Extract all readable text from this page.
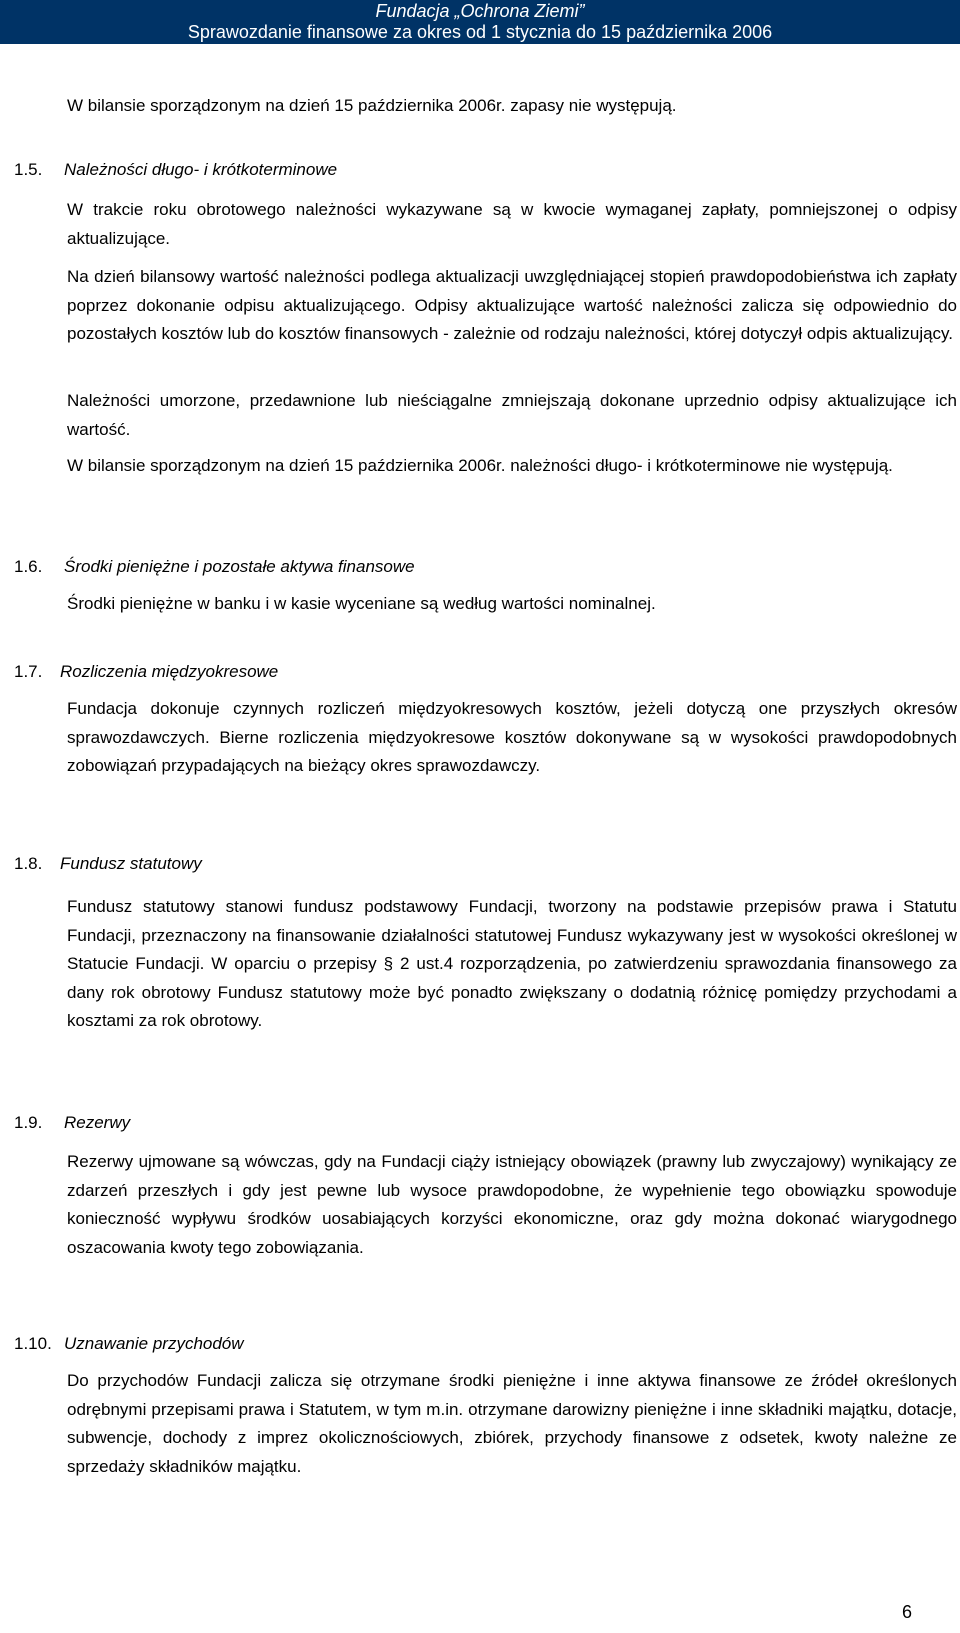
Fundacja „Ochrona Ziemi”
Sprawozdanie finansowe za okres od 1 stycznia do 15 października 2006
W bilansie sporządzonym na dzień 15 października 2006r. zapasy nie występują.
1.5. Należności długo- i krótkoterminowe

W trakcie roku obrotowego należności wykazywane są w kwocie wymaganej zapłaty, pomniejszonej o odpisy aktualizujące.

Na dzień bilansowy wartość należności podlega aktualizacji uwzględniającej stopień prawdopodobieństwa ich zapłaty poprzez dokonanie odpisu aktualizującego. Odpisy aktualizujące wartość należności zalicza się odpowiednio do pozostałych kosztów lub do kosztów finansowych - zależnie od rodzaju należności, której dotyczył odpis aktualizujący.

Należności umorzone, przedawnione lub nieściągalne zmniejszają dokonane uprzednio odpisy aktualizujące ich wartość.

W bilansie sporządzonym na dzień 15 października 2006r. należności długo- i krótkoterminowe nie występują.

1.6. Środki pieniężne i pozostałe aktywa finansowe

Środki pieniężne w banku i w kasie wyceniane są według wartości nominalnej.

1.7. Rozliczenia międzyokresowe

Fundacja dokonuje czynnych rozliczeń międzyokresowych kosztów, jeżeli dotyczą one przyszłych okresów sprawozdawczych. Bierne rozliczenia międzyokresowe kosztów dokonywane są w wysokości prawdopodobnych zobowiązań przypadających na bieżący okres sprawozdawczy.

1.8. Fundusz statutowy

Fundusz statutowy stanowi fundusz podstawowy Fundacji, tworzony na podstawie przepisów prawa i Statutu Fundacji, przeznaczony na finansowanie działalności statutowej Fundusz wykazywany jest w wysokości określonej w Statucie Fundacji. W oparciu o przepisy § 2 ust.4 rozporządzenia, po zatwierdzeniu sprawozdania finansowego za dany rok obrotowy Fundusz statutowy może być ponadto zwiększany o dodatnią różnicę pomiędzy przychodami a kosztami za rok obrotowy.

1.9. Rezerwy

Rezerwy ujmowane są wówczas, gdy na Fundacji ciąży istniejący obowiązek (prawny lub zwyczajowy) wynikający ze zdarzeń przeszłych i gdy jest pewne lub wysoce prawdopodobne, że wypełnienie tego obowiązku spowoduje konieczność wypływu środków uosabiających korzyści ekonomiczne, oraz gdy można dokonać wiarygodnego oszacowania kwoty tego zobowiązania.

1.10. Uznawanie przychodów

Do przychodów Fundacji zalicza się otrzymane środki pieniężne i inne aktywa finansowe ze źródeł określonych odrębnymi przepisami prawa i Statutem, w tym m.in. otrzymane darowizny pieniężne i inne składniki majątku, dotacje, subwencje, dochody z imprez okolicznościowych, zbiórek, przychody finansowe z odsetek, kwoty należne ze sprzedaży składników majątku.

6
